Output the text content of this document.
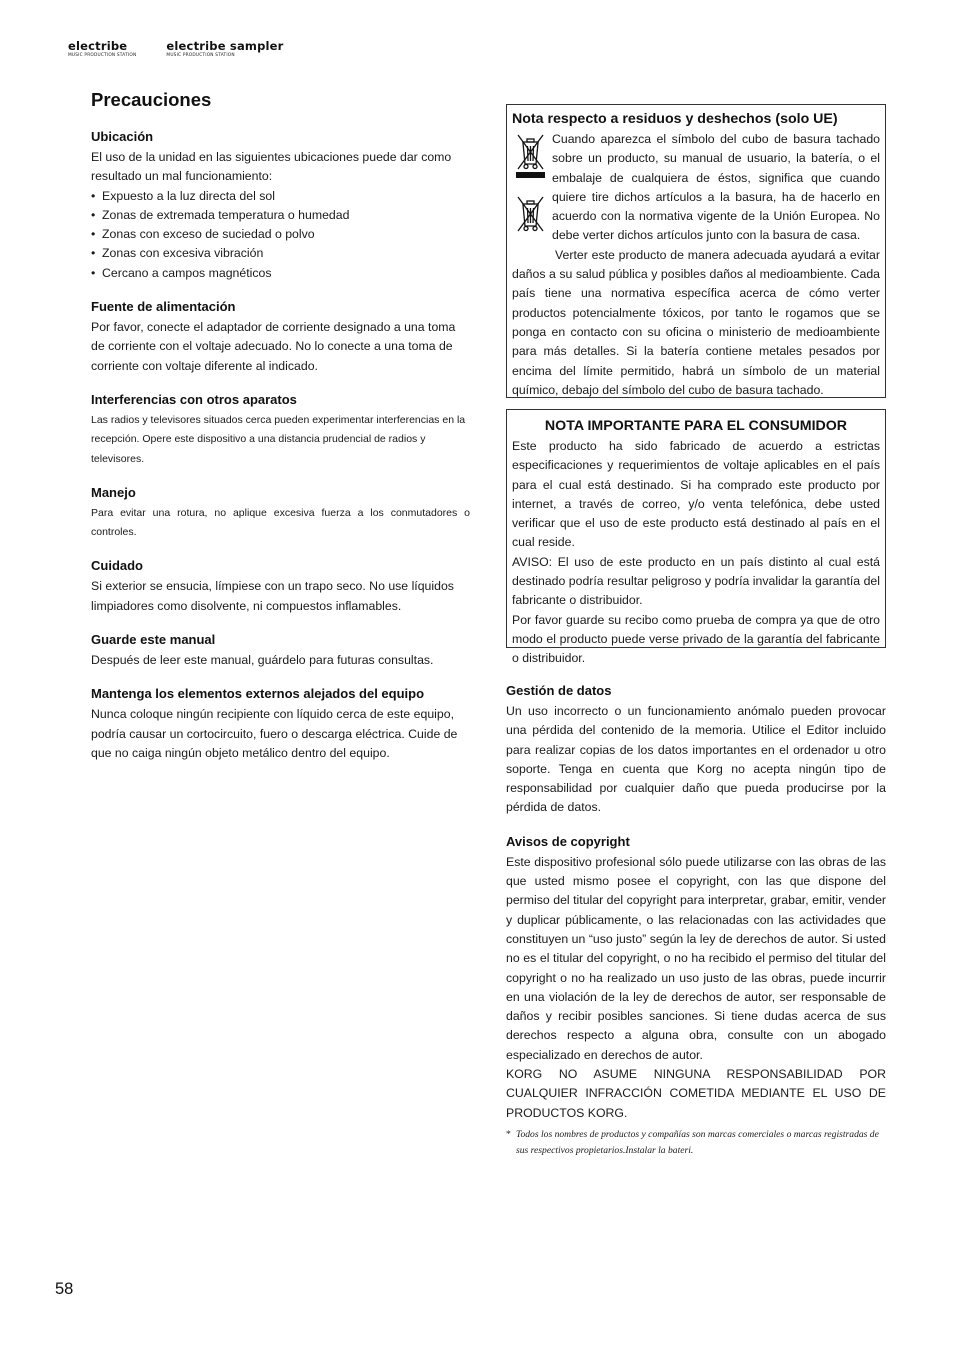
electribe
MUSIC PRODUCTION STATION
electribe sampler
MUSIC PRODUCTION STATION
Precauciones
Ubicación

El uso de la unidad en las siguientes ubicaciones puede dar como resultado un mal funcionamiento:

• Expuesto a la luz directa del sol
• Zonas de extremada temperatura o humedad
• Zonas con exceso de suciedad o polvo
• Zonas con excesiva vibración
• Cercano a campos magnéticos
Fuente de alimentación

Por favor, conecte el adaptador de corriente designado a una toma de corriente con el voltaje adecuado. No lo conecte a una toma de corriente con voltaje diferente al indicado.

Interferencias con otros aparatos

Las radios y televisores situados cerca pueden experimentar interferencias en la recepción. Opere este dispositivo a una distancia prudencial de radios y televisores.

Manejo

Para evitar una rotura, no aplique excesiva fuerza a los conmutadores o controles.

Cuidado

Si exterior se ensucia, límpiese con un trapo seco. No use líquidos limpiadores como disolvente, ni compuestos inflamables.

Guarde este manual

Después de leer este manual, guárdelo para futuras consultas.

Mantenga los elementos externos alejados del equipo

Nunca coloque ningún recipiente con líquido cerca de este equipo, podría causar un cortocircuito, fuero o descarga eléctrica. Cuide de que no caiga ningún objeto metálico dentro del equipo.

Nota respecto a residuos y deshechos (solo UE)

Cuando aparezca el símbolo del cubo de basura tachado sobre un producto, su manual de usuario, la batería, o el embalaje de cualquiera de éstos, significa que cuando quiere tire dichos artículos a la basura, ha de hacerlo en acuerdo con la normativa vigente de la Unión Europea. No debe verter dichos artículos junto con la basura de casa.

Verter este producto de manera adecuada ayudará a evitar daños a su salud pública y posibles daños al medioambiente. Cada país tiene una normativa específica acerca de cómo verter productos potencialmente tóxicos, por tanto le rogamos que se ponga en contacto con su oficina o ministerio de medioambiente para más detalles. Si la batería contiene metales pesados por encima del límite permitido, habrá un símbolo de un material químico, debajo del símbolo del cubo de basura tachado.

NOTA IMPORTANTE PARA EL CONSUMIDOR

Este producto ha sido fabricado de acuerdo a estrictas especificaciones y requerimientos de voltaje aplicables en el país para el cual está destinado. Si ha comprado este producto por internet, a través de correo, y/o venta telefónica, debe usted verificar que el uso de este producto está destinado al país en el cual reside.

AVISO: El uso de este producto en un país distinto al cual está destinado podría resultar peligroso y podría invalidar la garantía del fabricante o distribuidor.

Por favor guarde su recibo como prueba de compra ya que de otro modo el producto puede verse privado de la garantía del fabricante o distribuidor.

Gestión de datos

Un uso incorrecto o un funcionamiento anómalo pueden provocar una pérdida del contenido de la memoria. Utilice el Editor incluido para realizar copias de los datos importantes en el ordenador u otro soporte. Tenga en cuenta que Korg no acepta ningún tipo de responsabilidad por cualquier daño que pueda producirse por la pérdida de datos.

Avisos de copyright

Este dispositivo profesional sólo puede utilizarse con las obras de las que usted mismo posee el copyright, con las que dispone del permiso del titular del copyright para interpretar, grabar, emitir, vender y duplicar públicamente, o las relacionadas con las actividades que constituyen un “uso justo” según la ley de derechos de autor. Si usted no es el titular del copyright, o no ha recibido el permiso del titular del copyright o no ha realizado un uso justo de las obras, puede incurrir en una violación de la ley de derechos de autor, ser responsable de daños y recibir posibles sanciones. Si tiene dudas acerca de sus derechos respecto a alguna obra, consulte con un abogado especializado en derechos de autor.

KORG NO ASUME NINGUNA RESPONSABILIDAD POR CUALQUIER INFRACCIÓN COMETIDA MEDIANTE EL USO DE PRODUCTOS KORG.

* Todos los nombres de productos y compañías son marcas comerciales o marcas registradas de sus respectivos propietarios.Instalar la bateri.

58
